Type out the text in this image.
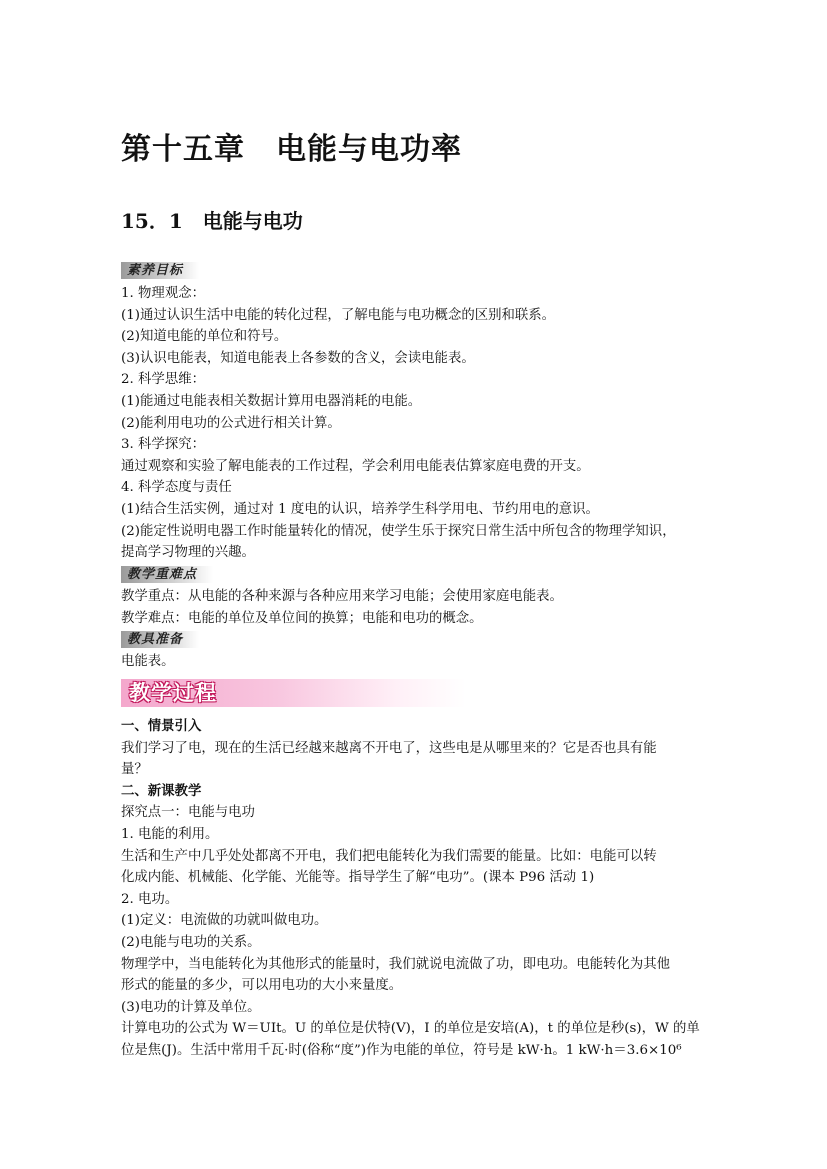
第十五章　电能与电功率
15．1　电能与电功
素养目标
1. 物理观念：
(1)通过认识生活中电能的转化过程，了解电能与电功概念的区别和联系。
(2)知道电能的单位和符号。
(3)认识电能表，知道电能表上各参数的含义，会读电能表。
2. 科学思维：
(1)能通过电能表相关数据计算用电器消耗的电能。
(2)能利用电功的公式进行相关计算。
3. 科学探究：
通过观察和实验了解电能表的工作过程，学会利用电能表估算家庭电费的开支。
4. 科学态度与责任
(1)结合生活实例，通过对 1 度电的认识，培养学生科学用电、节约用电的意识。
(2)能定性说明电器工作时能量转化的情况，使学生乐于探究日常生活中所包含的物理学知识，
提高学习物理的兴趣。
教学重难点
教学重点：从电能的各种来源与各种应用来学习电能；会使用家庭电能表。
教学难点：电能的单位及单位间的换算；电能和电功的概念。
教具准备
电能表。
教学过程
一、情景引入
我们学习了电，现在的生活已经越来越离不开电了，这些电是从哪里来的？它是否也具有能
量？
二、新课教学
探究点一：电能与电功
1. 电能的利用。
生活和生产中几乎处处都离不开电，我们把电能转化为我们需要的能量。比如：电能可以转
化成内能、机械能、化学能、光能等。指导学生了解“电功”。(课本 P96 活动 1)
2. 电功。
(1)定义：电流做的功就叫做电功。
(2)电能与电功的关系。
物理学中，当电能转化为其他形式的能量时，我们就说电流做了功，即电功。电能转化为其他
形式的能量的多少，可以用电功的大小来量度。
(3)电功的计算及单位。
计算电功的公式为 W＝UIt。U 的单位是伏特(V)，I 的单位是安培(A)，t 的单位是秒(s)，W 的单
位是焦(J)。生活中常用千瓦·时(俗称“度”)作为电能的单位，符号是 kW·h。1 kW·h＝3.6×10⁶
